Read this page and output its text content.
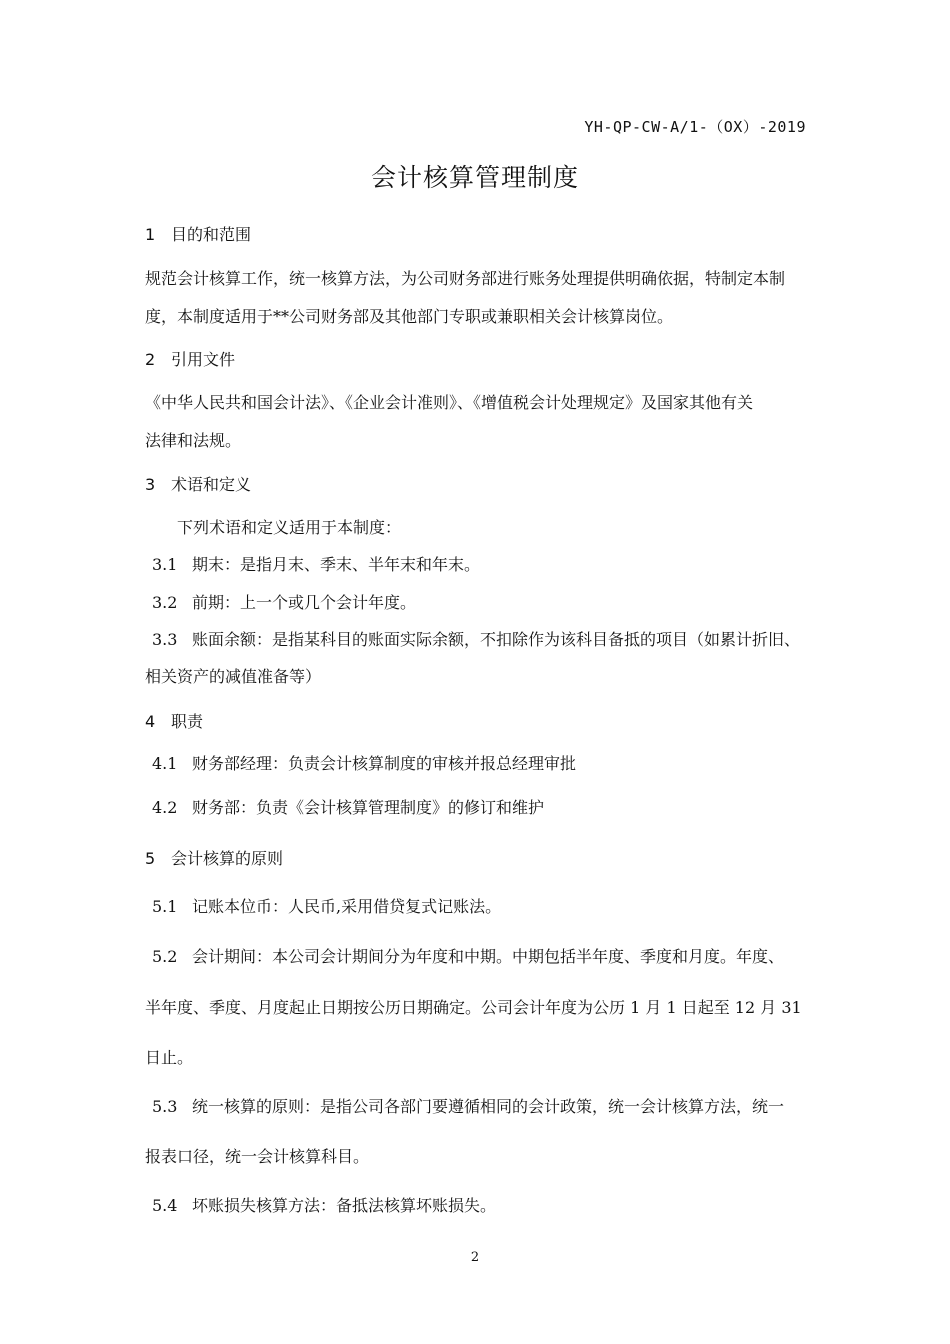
YH-QP-CW-A/1-（OX）-2019
会计核算管理制度
1 目的和范围
规范会计核算工作，统一核算方法，为公司财务部进行账务处理提供明确依据，特制定本制
度，本制度适用于**公司财务部及其他部门专职或兼职相关会计核算岗位。
2 引用文件
《中华人民共和国会计法》、《企业会计准则》、《增值税会计处理规定》及国家其他有关
法律和法规。
3 术语和定义
下列术语和定义适用于本制度：
3.1 期末：是指月末、季末、半年末和年末。
3.2 前期：上一个或几个会计年度。
3.3 账面余额：是指某科目的账面实际余额，不扣除作为该科目备抵的项目（如累计折旧、
相关资产的减值准备等）
4 职责
4.1 财务部经理：负责会计核算制度的审核并报总经理审批
4.2 财务部：负责《会计核算管理制度》的修订和维护
5 会计核算的原则
5.1 记账本位币：人民币,采用借贷复式记账法。
5.2 会计期间：本公司会计期间分为年度和中期。中期包括半年度、季度和月度。年度、
半年度、季度、月度起止日期按公历日期确定。公司会计年度为公历 1 月 1 日起至 12 月 31
日止。
5.3 统一核算的原则：是指公司各部门要遵循相同的会计政策，统一会计核算方法，统一
报表口径，统一会计核算科目。
5.4 坏账损失核算方法：备抵法核算坏账损失。
2
